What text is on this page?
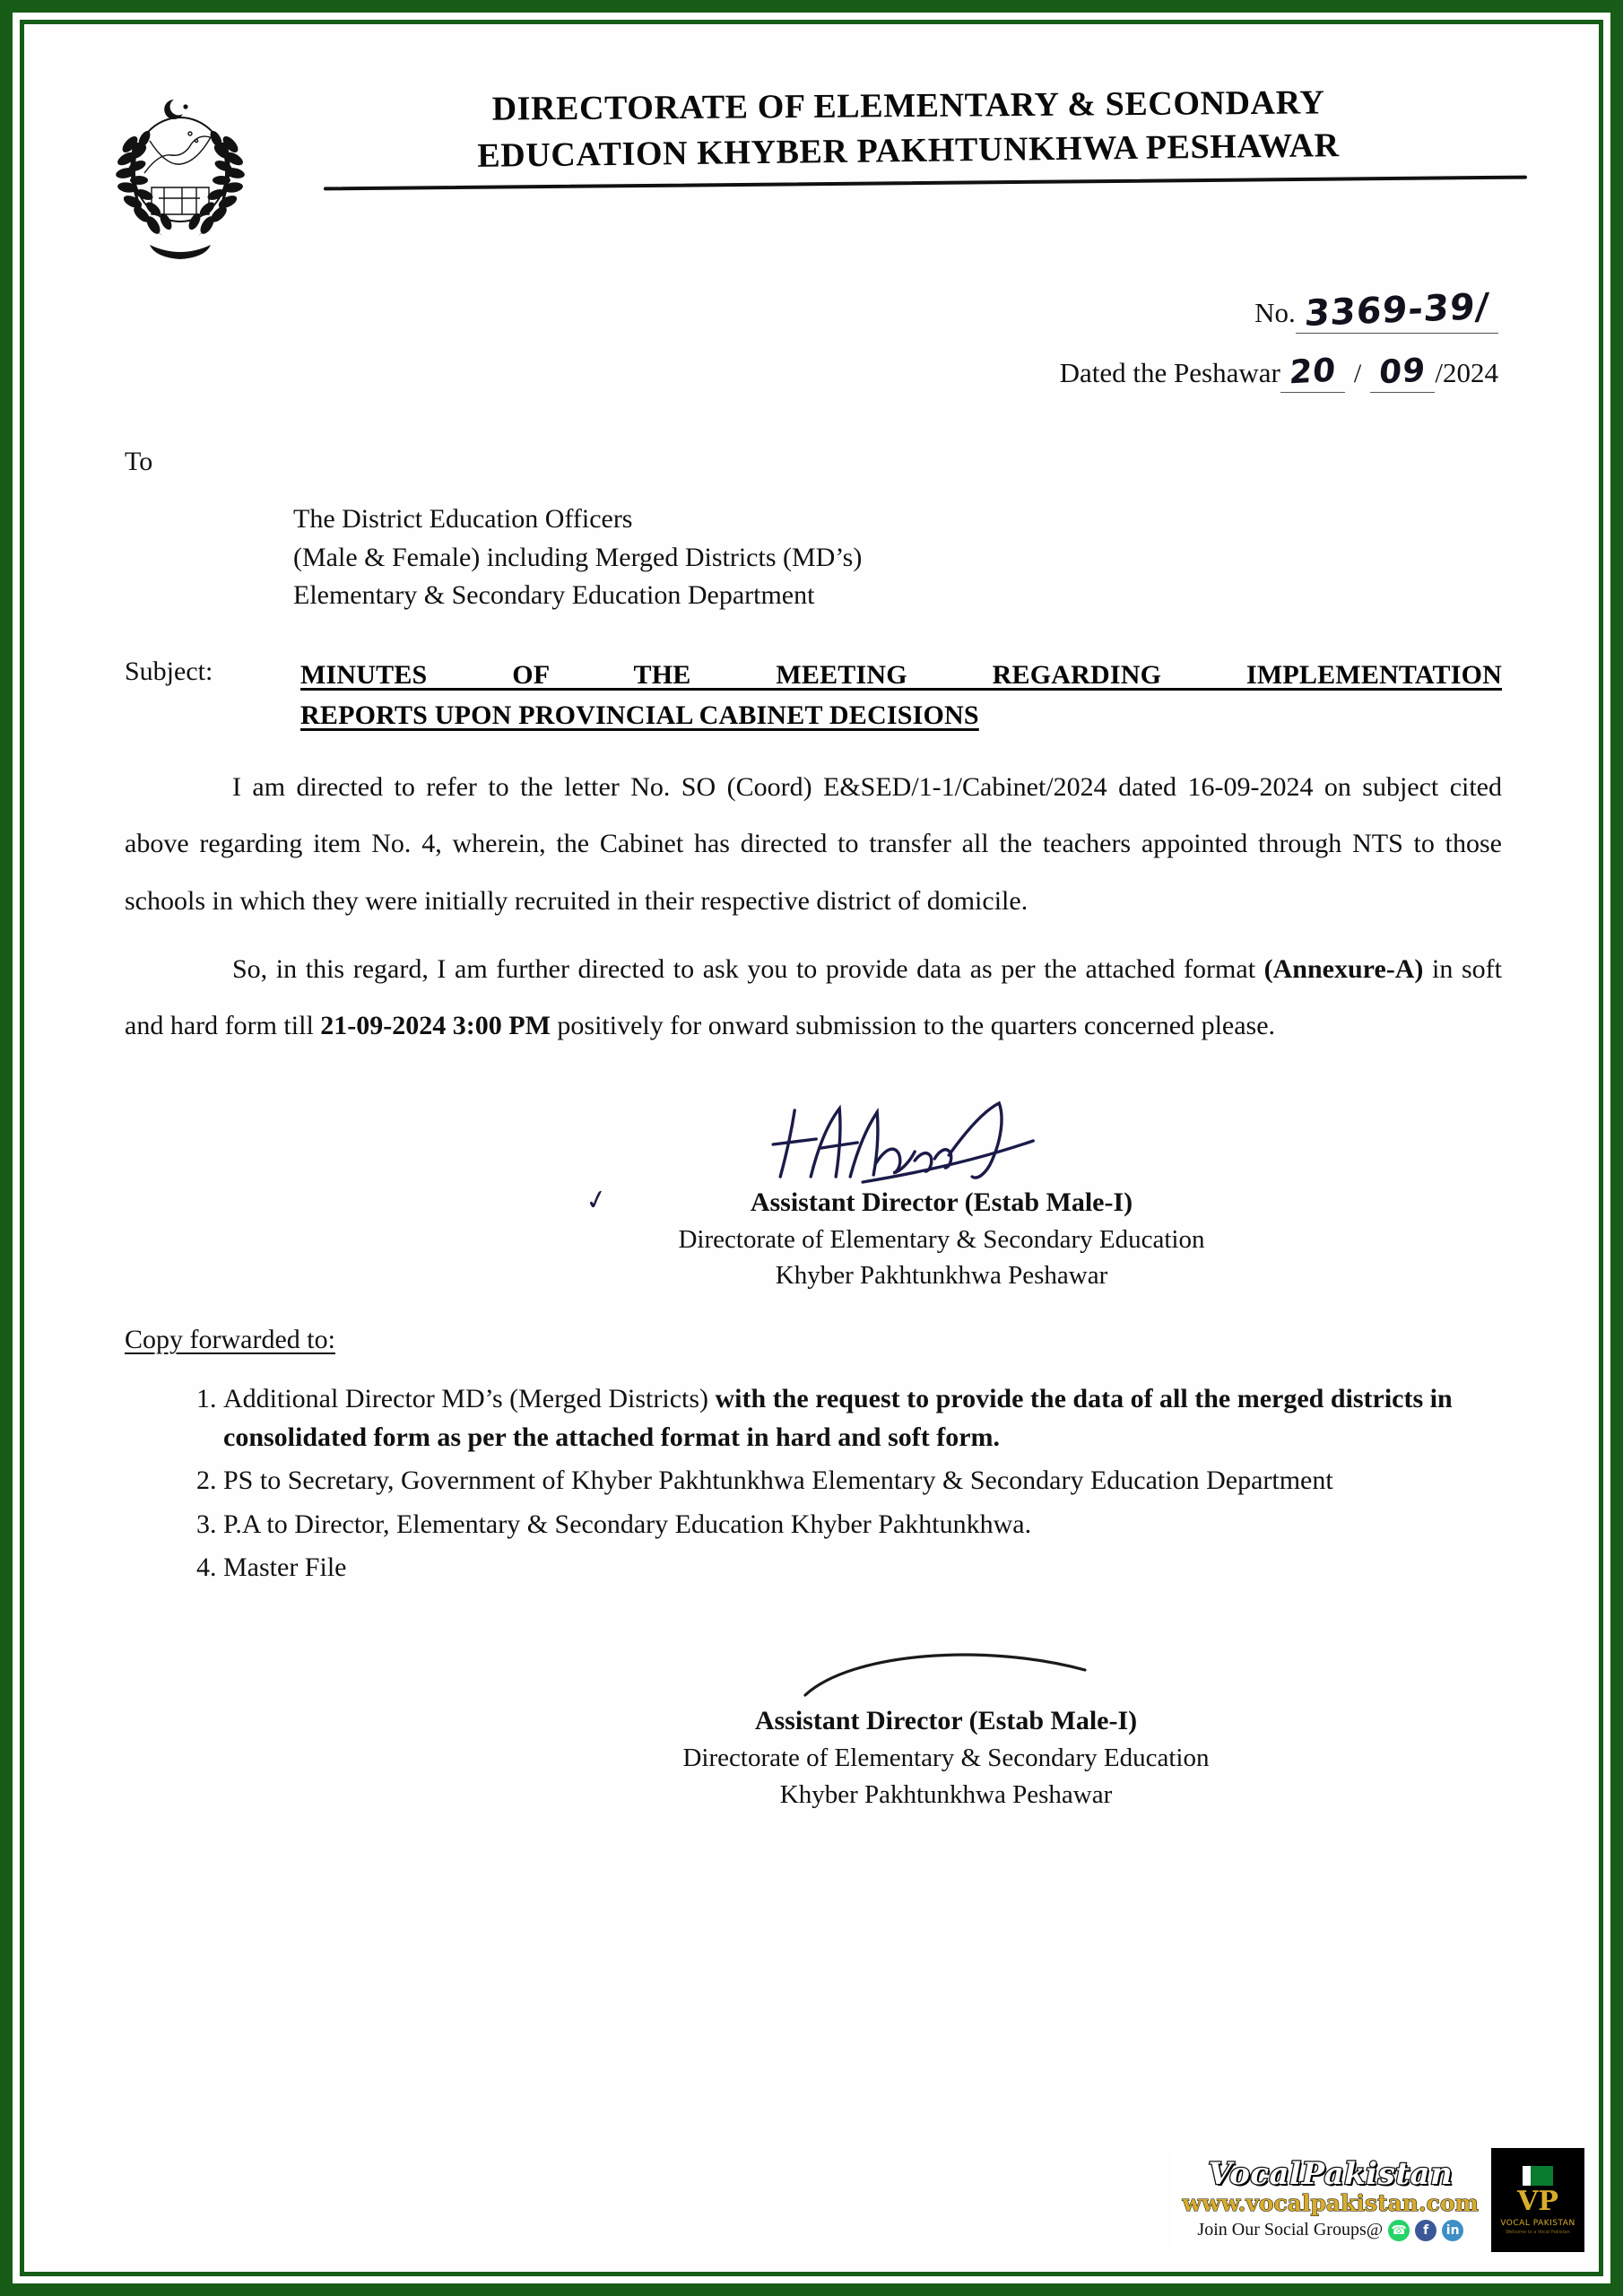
DIRECTORATE OF ELEMENTARY & SECONDARY
EDUCATION KHYBER PAKHTUNKHWA PESHAWAR
No. 3369-39/
Dated the Peshawar 20 / 09 /2024
To
The District Education Officers
(Male & Female) including Merged Districts (MD’s)
Elementary & Secondary Education Department
Subject:	MINUTES OF THE MEETING REGARDING IMPLEMENTATION
REPORTS UPON PROVINCIAL CABINET DECISIONS

I am directed to refer to the letter No. SO (Coord) E&SED/1-1/Cabinet/2024 dated 16-09-2024 on subject cited above regarding item No. 4, wherein, the Cabinet has directed to transfer all the teachers appointed through NTS to those schools in which they were initially recruited in their respective district of domicile.

So, in this regard, I am further directed to ask you to provide data as per the attached format (Annexure-A) in soft and hard form till 21-09-2024 3:00 PM positively for onward submission to the quarters concerned please.

✓	Assistant Director (Estab Male-I)
Directorate of Elementary & Secondary Education
Khyber Pakhtunkhwa Peshawar
Copy forwarded to:
1. Additional Director MD’s (Merged Districts) with the request to provide the data of all the merged districts in consolidated form as per the attached format in hard and soft form.
2. PS to Secretary, Government of Khyber Pakhtunkhwa Elementary & Secondary Education Department
3. P.A to Director, Elementary & Secondary Education Khyber Pakhtunkhwa.
4. Master File
Assistant Director (Estab Male-I)
Directorate of Elementary & Secondary Education
Khyber Pakhtunkhwa Peshawar
VocalPakistan
www.vocalpakistan.com
Join Our Social Groups@ ☎	f	in
VP
VOCAL PAKISTAN
Welcome to a Vocal Pakistan
